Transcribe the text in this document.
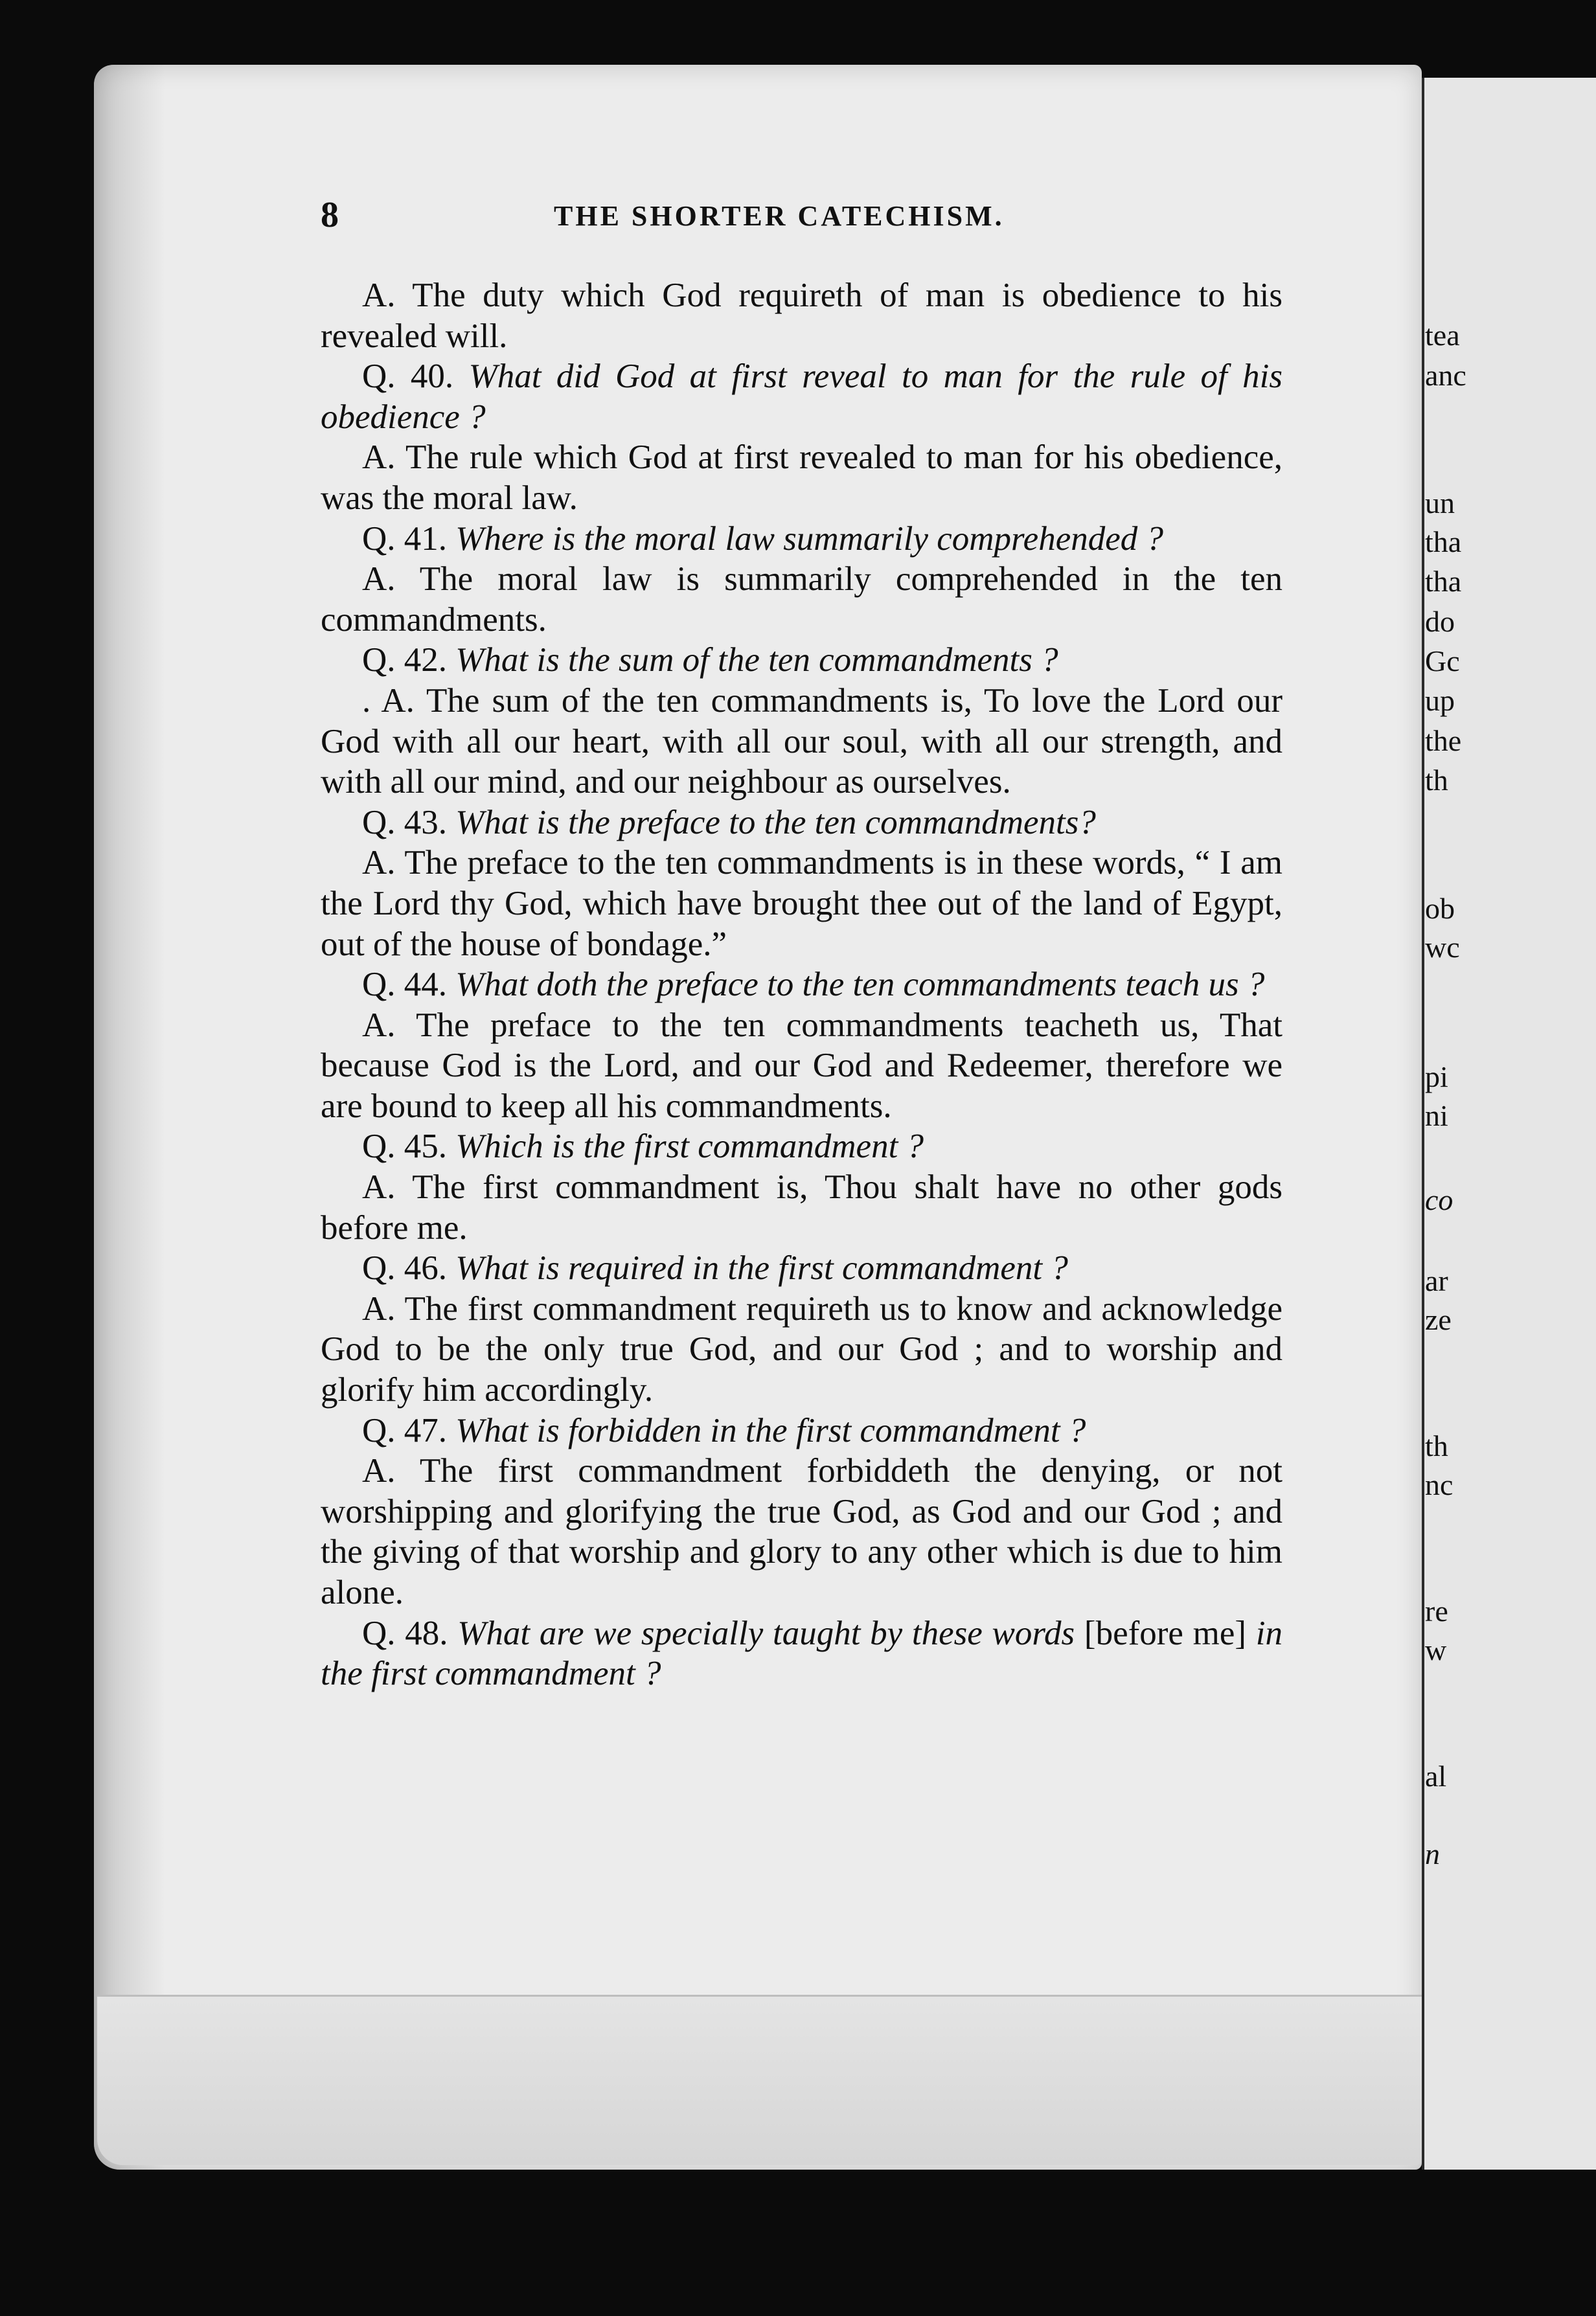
tea
anc
un
tha
tha
do
Gc
up
the
th
ob
wc
pi
ni
co
ar
ze
th
nc
re
w
al
n
8	THE SHORTER CATECHISM.
A. The duty which God requireth of man is obedience to his revealed will.
Q. 40. What did God at first reveal to man for the rule of his obedience ?
A. The rule which God at first revealed to man for his obedience, was the moral law.
Q. 41. Where is the moral law summarily comprehended ?
A. The moral law is summarily comprehended in the ten commandments.
Q. 42. What is the sum of the ten commandments ?
. A. The sum of the ten commandments is, To love the Lord our God with all our heart, with all our soul, with all our strength, and with all our mind, and our neighbour as ourselves.
Q. 43. What is the preface to the ten commandments?
A. The preface to the ten commandments is in these words, “ I am the Lord thy God, which have brought thee out of the land of Egypt, out of the house of bondage.”
Q. 44. What doth the preface to the ten commandments teach us ?
A. The preface to the ten commandments teacheth us, That because God is the Lord, and our God and Redeemer, therefore we are bound to keep all his commandments.
Q. 45. Which is the first commandment ?
A. The first commandment is, Thou shalt have no other gods before me.
Q. 46. What is required in the first commandment ?
A. The first commandment requireth us to know and acknowledge God to be the only true God, and our God ; and to worship and glorify him accordingly.
Q. 47. What is forbidden in the first commandment ?
A. The first commandment forbiddeth the denying, or not worshipping and glorifying the true God, as God and our God ; and the giving of that worship and glory to any other which is due to him alone.
Q. 48. What are we specially taught by these words [before me] in the first commandment ?
